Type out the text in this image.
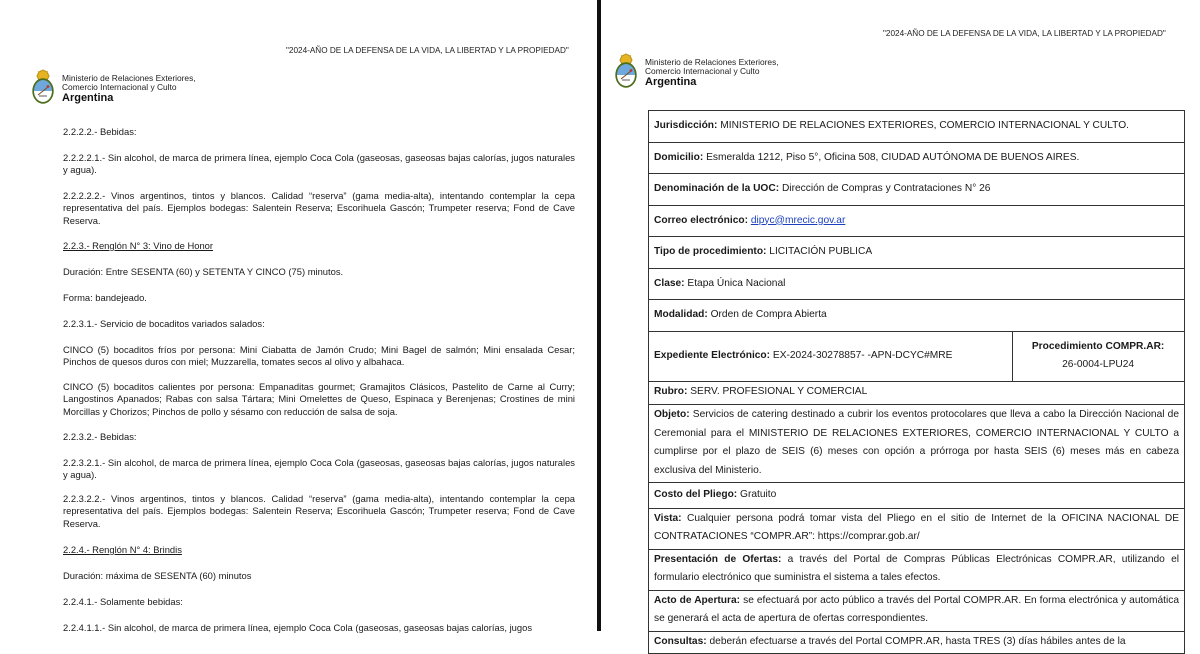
"2024-AÑO DE LA DEFENSA DE LA VIDA, LA LIBERTAD Y LA PROPIEDAD"
Ministerio de Relaciones Exteriores,
Comercio Internacional y Culto
Argentina

2.2.2.2.- Bebidas:

2.2.2.2.1.- Sin alcohol, de marca de primera línea, ejemplo Coca Cola (gaseosas, gaseosas bajas calorías, jugos naturales y agua).

2.2.2.2.2.- Vinos argentinos, tintos y blancos. Calidad “reserva” (gama media-alta), intentando contemplar la cepa representativa del país. Ejemplos bodegas: Salentein Reserva; Escorihuela Gascón; Trumpeter reserva; Fond de Cave Reserva.

2.2.3.- Renglón N° 3: Vino de Honor

Duración: Entre SESENTA (60) y SETENTA Y CINCO (75) minutos.

Forma: bandejeado.

2.2.3.1.- Servicio de bocaditos variados salados:

CINCO (5) bocaditos fríos por persona: Mini Ciabatta de Jamón Crudo; Mini Bagel de salmón; Mini ensalada Cesar; Pinchos de quesos duros con miel; Muzzarella, tomates secos al olivo y albahaca.

CINCO (5) bocaditos calientes por persona: Empanaditas gourmet; Gramajitos Clásicos, Pastelito de Carne al Curry; Langostinos Apanados; Rabas con salsa Tártara; Mini Omelettes de Queso, Espinaca y Berenjenas; Crostines de mini Morcillas y Chorizos; Pinchos de pollo y sésamo con reducción de salsa de soja.

2.2.3.2.- Bebidas:

2.2.3.2.1.- Sin alcohol, de marca de primera línea, ejemplo Coca Cola (gaseosas, gaseosas bajas calorías, jugos naturales y agua).

2.2.3.2.2.- Vinos argentinos, tintos y blancos. Calidad “reserva” (gama media-alta), intentando contemplar la cepa representativa del país. Ejemplos bodegas: Salentein Reserva; Escorihuela Gascón; Trumpeter reserva; Fond de Cave Reserva.

2.2.4.- Renglón N° 4: Brindis

Duración: máxima de SESENTA (60) minutos

2.2.4.1.- Solamente bebidas:

2.2.4.1.1.- Sin alcohol, de marca de primera línea, ejemplo Coca Cola (gaseosas, gaseosas bajas calorías, jugos

"2024-AÑO DE LA DEFENSA DE LA VIDA, LA LIBERTAD Y LA PROPIEDAD"
Ministerio de Relaciones Exteriores,
Comercio Internacional y Culto
Argentina
Jurisdicción: MINISTERIO DE RELACIONES EXTERIORES, COMERCIO INTERNACIONAL Y CULTO.
Domicilio: Esmeralda 1212, Piso 5°, Oficina 508, CIUDAD AUTÓNOMA DE BUENOS AIRES.
Denominación de la UOC: Dirección de Compras y Contrataciones N° 26
Correo electrónico: dipyc@mrecic.gov.ar
Tipo de procedimiento: LICITACIÓN PUBLICA
Clase: Etapa Única Nacional
Modalidad: Orden de Compra Abierta
Expediente Electrónico: EX-2024-30278857- -APN-DCYC#MRE	
Procedimiento COMPR.AR:
26-0004-LPU24

Rubro: SERV. PROFESIONAL Y COMERCIAL
Objeto: Servicios de catering destinado a cubrir los eventos protocolares que lleva a cabo la Dirección Nacional de Ceremonial para el MINISTERIO DE RELACIONES EXTERIORES, COMERCIO INTERNACIONAL Y CULTO a cumplirse por el plazo de SEIS (6) meses con opción a prórroga por hasta SEIS (6) meses más en cabeza exclusiva del Ministerio.
Costo del Pliego: Gratuito
Vista: Cualquier persona podrá tomar vista del Pliego en el sitio de Internet de la OFICINA NACIONAL DE CONTRATACIONES “COMPR.AR”: https://comprar.gob.ar/
Presentación de Ofertas: a través del Portal de Compras Públicas Electrónicas COMPR.AR, utilizando el formulario electrónico que suministra el sistema a tales efectos.
Acto de Apertura: se efectuará por acto público a través del Portal COMPR.AR. En forma electrónica y automática se generará el acta de apertura de ofertas correspondientes.
Consultas: deberán efectuarse a través del Portal COMPR.AR, hasta TRES (3) días hábiles antes de la
